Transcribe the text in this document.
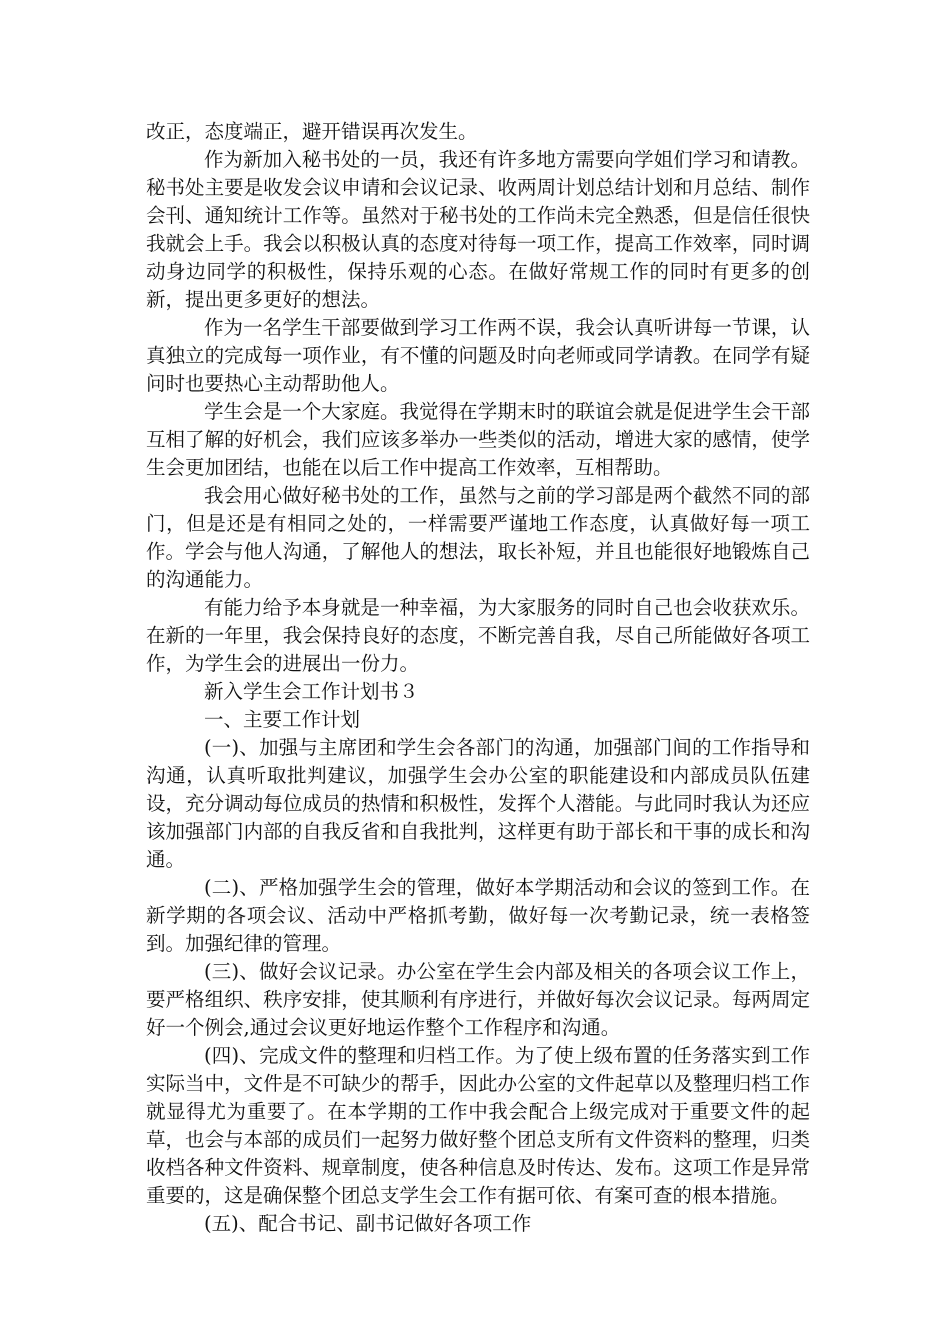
改正，态度端正，避开错误再次发生。

作为新加入秘书处的一员，我还有许多地方需要向学姐们学习和请教。秘书处主要是收发会议申请和会议记录、收两周计划总结计划和月总结、制作会刊、通知统计工作等。虽然对于秘书处的工作尚未完全熟悉，但是信任很快我就会上手。我会以积极认真的态度对待每一项工作，提高工作效率，同时调动身边同学的积极性，保持乐观的心态。在做好常规工作的同时有更多的创新，提出更多更好的想法。

作为一名学生干部要做到学习工作两不误，我会认真听讲每一节课，认真独立的完成每一项作业，有不懂的问题及时向老师或同学请教。在同学有疑问时也要热心主动帮助他人。

学生会是一个大家庭。我觉得在学期末时的联谊会就是促进学生会干部互相了解的好机会，我们应该多举办一些类似的活动，增进大家的感情，使学生会更加团结，也能在以后工作中提高工作效率，互相帮助。

我会用心做好秘书处的工作，虽然与之前的学习部是两个截然不同的部门，但是还是有相同之处的，一样需要严谨地工作态度，认真做好每一项工作。学会与他人沟通，了解他人的想法，取长补短，并且也能很好地锻炼自己的沟通能力。

有能力给予本身就是一种幸福，为大家服务的同时自己也会收获欢乐。在新的一年里，我会保持良好的态度，不断完善自我，尽自己所能做好各项工作，为学生会的进展出一份力。

新入学生会工作计划书３

一、主要工作计划

(一)、加强与主席团和学生会各部门的沟通，加强部门间的工作指导和沟通，认真听取批判建议，加强学生会办公室的职能建设和内部成员队伍建设，充分调动每位成员的热情和积极性，发挥个人潜能。与此同时我认为还应该加强部门内部的自我反省和自我批判，这样更有助于部长和干事的成长和沟通。

(二)、严格加强学生会的管理，做好本学期活动和会议的签到工作。在新学期的各项会议、活动中严格抓考勤，做好每一次考勤记录，统一表格签到。加强纪律的管理。

(三)、做好会议记录。办公室在学生会内部及相关的各项会议工作上，要严格组织、秩序安排，使其顺利有序进行，并做好每次会议记录。每两周定好一个例会,通过会议更好地运作整个工作程序和沟通。

(四)、完成文件的整理和归档工作。为了使上级布置的任务落实到工作实际当中，文件是不可缺少的帮手，因此办公室的文件起草以及整理归档工作就显得尤为重要了。在本学期的工作中我会配合上级完成对于重要文件的起草，也会与本部的成员们一起努力做好整个团总支所有文件资料的整理，归类收档各种文件资料、规章制度，使各种信息及时传达、发布。这项工作是异常重要的，这是确保整个团总支学生会工作有据可依、有案可查的根本措施。

(五)、配合书记、副书记做好各项工作
